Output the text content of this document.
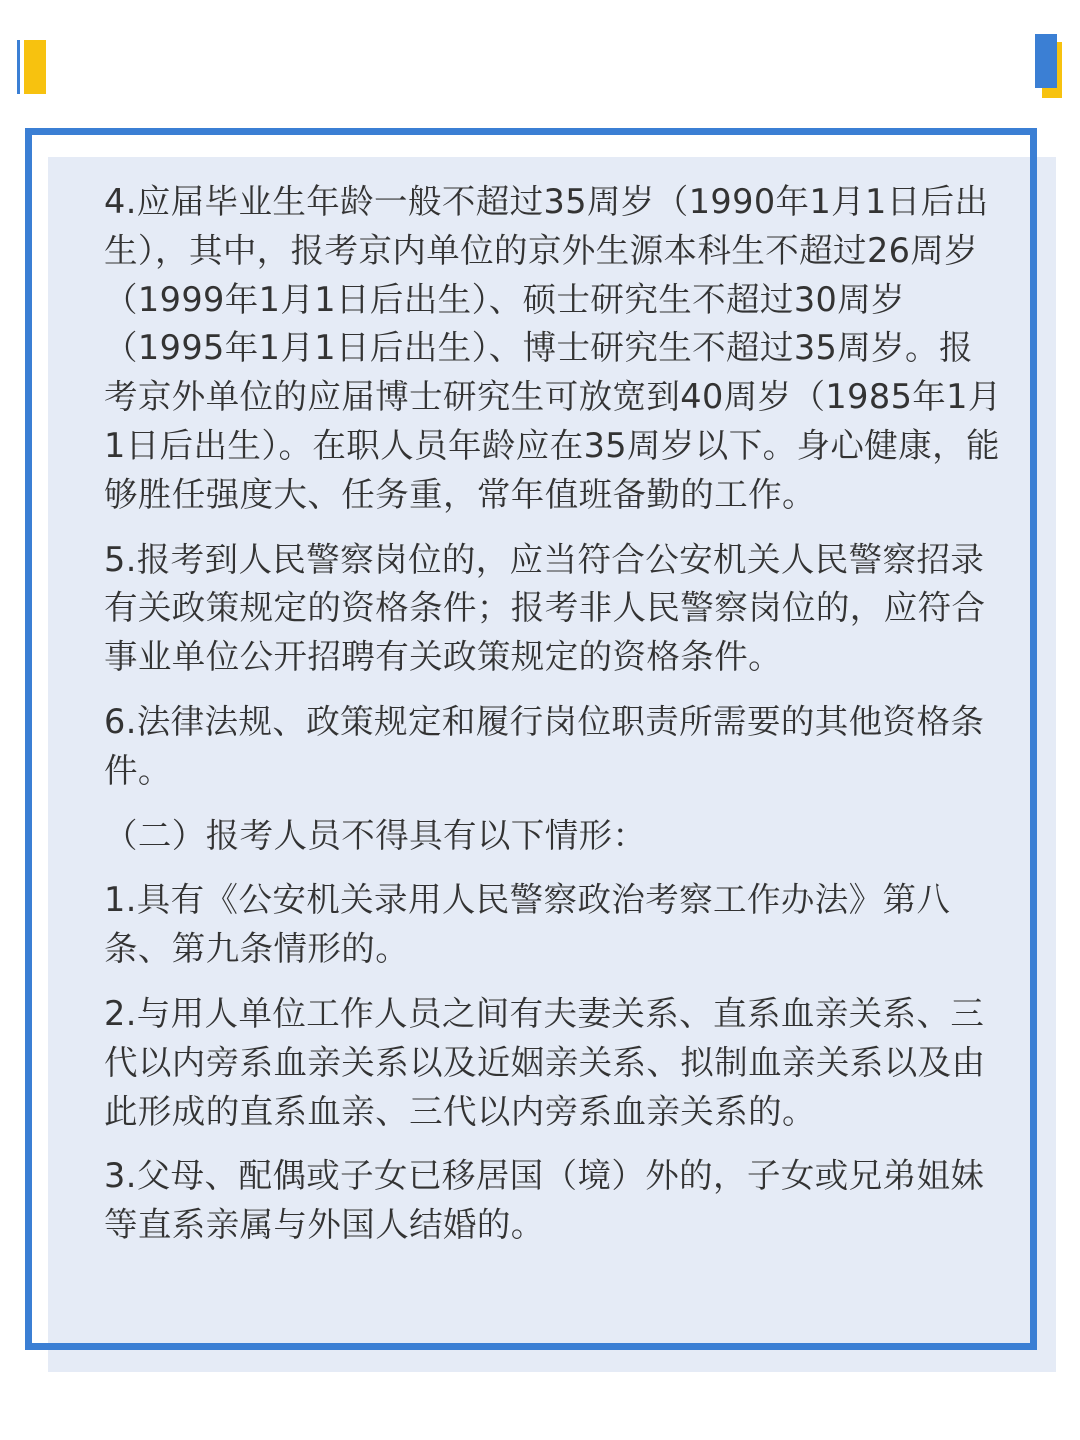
4.应届毕业生年龄一般不超过35周岁（1990年1月1日后出生），其中，报考京内单位的京外生源本科生不超过26周岁（1999年1月1日后出生）、硕士研究生不超过30周岁（1995年1月1日后出生）、博士研究生不超过35周岁。报考京外单位的应届博士研究生可放宽到40周岁（1985年1月1日后出生）。在职人员年龄应在35周岁以下。身心健康，能够胜任强度大、任务重，常年值班备勤的工作。

5.报考到人民警察岗位的，应当符合公安机关人民警察招录有关政策规定的资格条件；报考非人民警察岗位的，应符合事业单位公开招聘有关政策规定的资格条件。

6.法律法规、政策规定和履行岗位职责所需要的其他资格条件。

（二）报考人员不得具有以下情形：

1.具有《公安机关录用人民警察政治考察工作办法》第八条、第九条情形的。

2.与用人单位工作人员之间有夫妻关系、直系血亲关系、三代以内旁系血亲关系以及近姻亲关系、拟制血亲关系以及由此形成的直系血亲、三代以内旁系血亲关系的。

3.父母、配偶或子女已移居国（境）外的，子女或兄弟姐妹等直系亲属与外国人结婚的。
